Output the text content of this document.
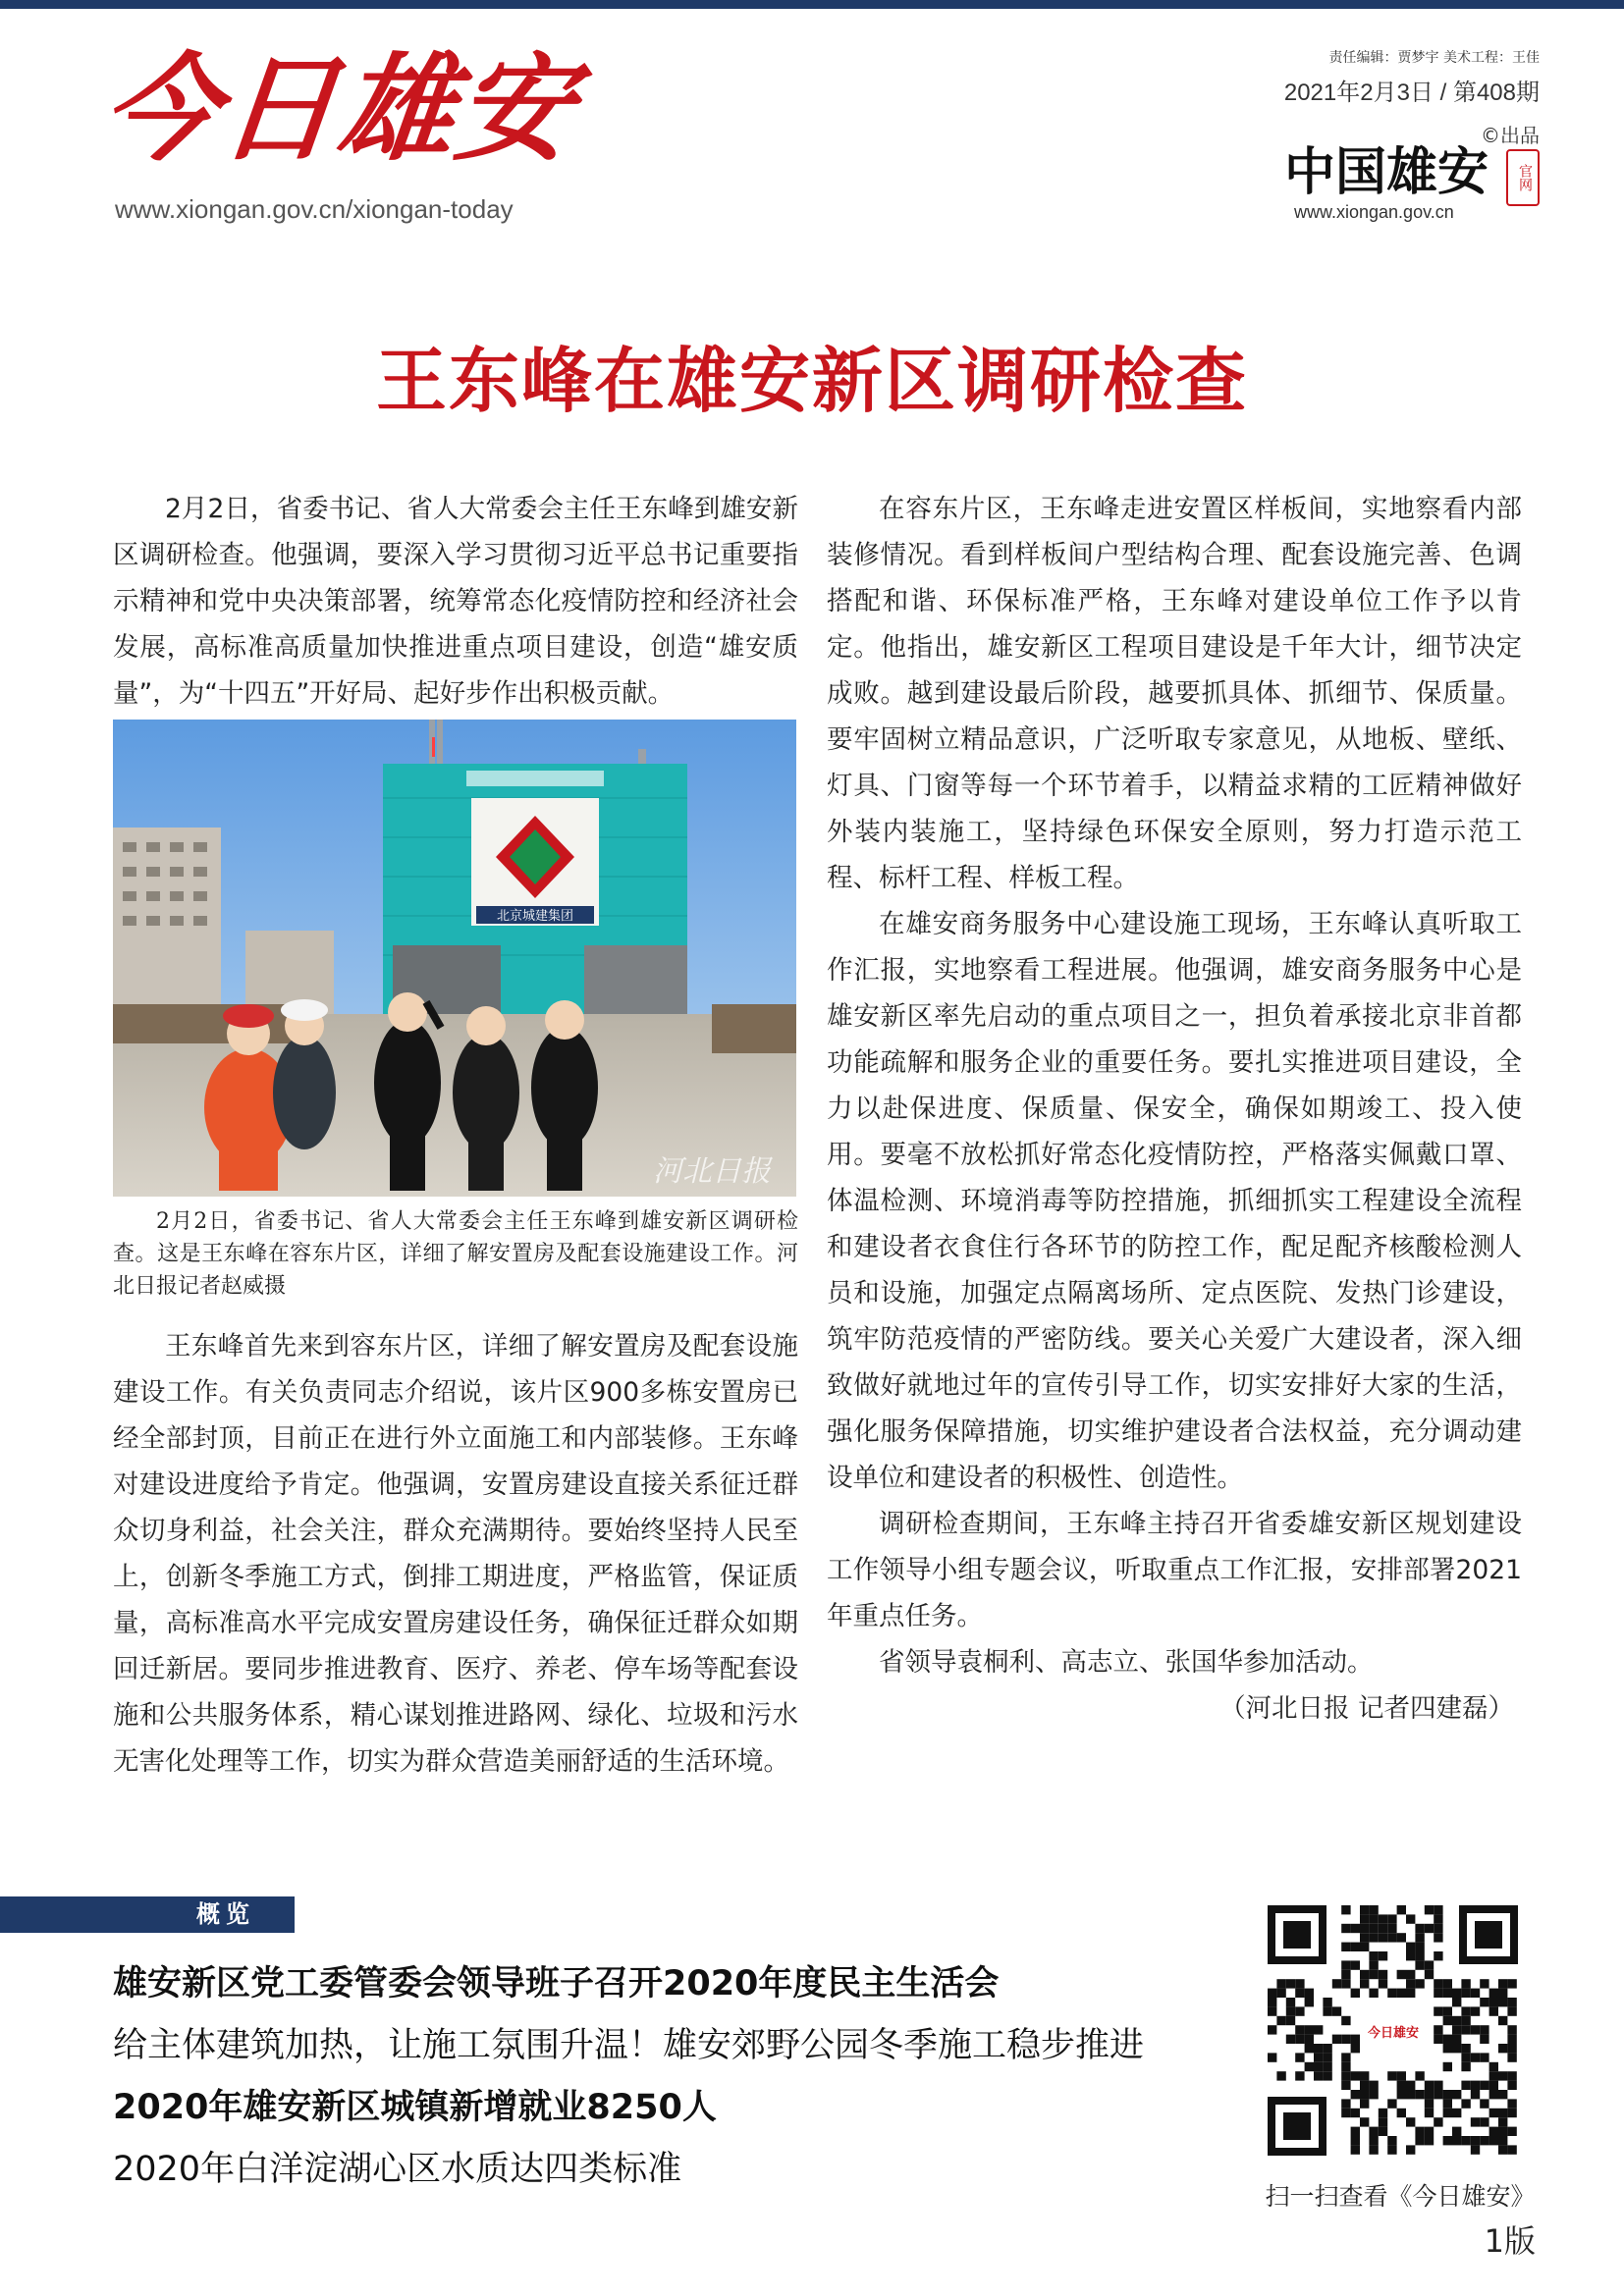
今日雄安
www.xiongan.gov.cn/xiongan-today
责任编辑：贾梦宇 美术工程：王佳
2021年2月3日 / 第408期
©出品
中国雄安	官网
www.xiongan.gov.cn
王东峰在雄安新区调研检查

2月2日，省委书记、省人大常委会主任王东峰到雄安新区调研检查。他强调，要深入学习贯彻习近平总书记重要指示精神和党中央决策部署，统筹常态化疫情防控和经济社会发展，高标准高质量加快推进重点项目建设，创造“雄安质量”，为“十四五”开好局、起好步作出积极贡献。

北京城建集团
河北日报

2月2日，省委书记、省人大常委会主任王东峰到雄安新区调研检查。这是王东峰在容东片区，详细了解安置房及配套设施建设工作。河北日报记者赵威摄

王东峰首先来到容东片区，详细了解安置房及配套设施建设工作。有关负责同志介绍说，该片区900多栋安置房已经全部封顶，目前正在进行外立面施工和内部装修。王东峰对建设进度给予肯定。他强调，安置房建设直接关系征迁群众切身利益，社会关注，群众充满期待。要始终坚持人民至上，创新冬季施工方式，倒排工期进度，严格监管，保证质量，高标准高水平完成安置房建设任务，确保征迁群众如期回迁新居。要同步推进教育、医疗、养老、停车场等配套设施和公共服务体系，精心谋划推进路网、绿化、垃圾和污水无害化处理等工作，切实为群众营造美丽舒适的生活环境。

在容东片区，王东峰走进安置区样板间，实地察看内部装修情况。看到样板间户型结构合理、配套设施完善、色调搭配和谐、环保标准严格，王东峰对建设单位工作予以肯定。他指出，雄安新区工程项目建设是千年大计，细节决定成败。越到建设最后阶段，越要抓具体、抓细节、保质量。要牢固树立精品意识，广泛听取专家意见，从地板、壁纸、灯具、门窗等每一个环节着手，以精益求精的工匠精神做好外装内装施工，坚持绿色环保安全原则，努力打造示范工程、标杆工程、样板工程。

在雄安商务服务中心建设施工现场，王东峰认真听取工作汇报，实地察看工程进展。他强调，雄安商务服务中心是雄安新区率先启动的重点项目之一，担负着承接北京非首都功能疏解和服务企业的重要任务。要扎实推进项目建设，全力以赴保进度、保质量、保安全，确保如期竣工、投入使用。要毫不放松抓好常态化疫情防控，严格落实佩戴口罩、体温检测、环境消毒等防控措施，抓细抓实工程建设全流程和建设者衣食住行各环节的防控工作，配足配齐核酸检测人员和设施，加强定点隔离场所、定点医院、发热门诊建设，筑牢防范疫情的严密防线。要关心关爱广大建设者，深入细致做好就地过年的宣传引导工作，切实安排好大家的生活，强化服务保障措施，切实维护建设者合法权益，充分调动建设单位和建设者的积极性、创造性。

调研检查期间，王东峰主持召开省委雄安新区规划建设工作领导小组专题会议，听取重点工作汇报，安排部署2021年重点任务。

省领导袁桐利、高志立、张国华参加活动。

（河北日报 记者四建磊）

概览
雄安新区党工委管委会领导班子召开2020年度民主生活会
给主体建筑加热，让施工氛围升温！雄安郊野公园冬季施工稳步推进
2020年雄安新区城镇新增就业8250人
2020年白洋淀湖心区水质达四类标准
今日雄安
扫一扫查看《今日雄安》
1版
